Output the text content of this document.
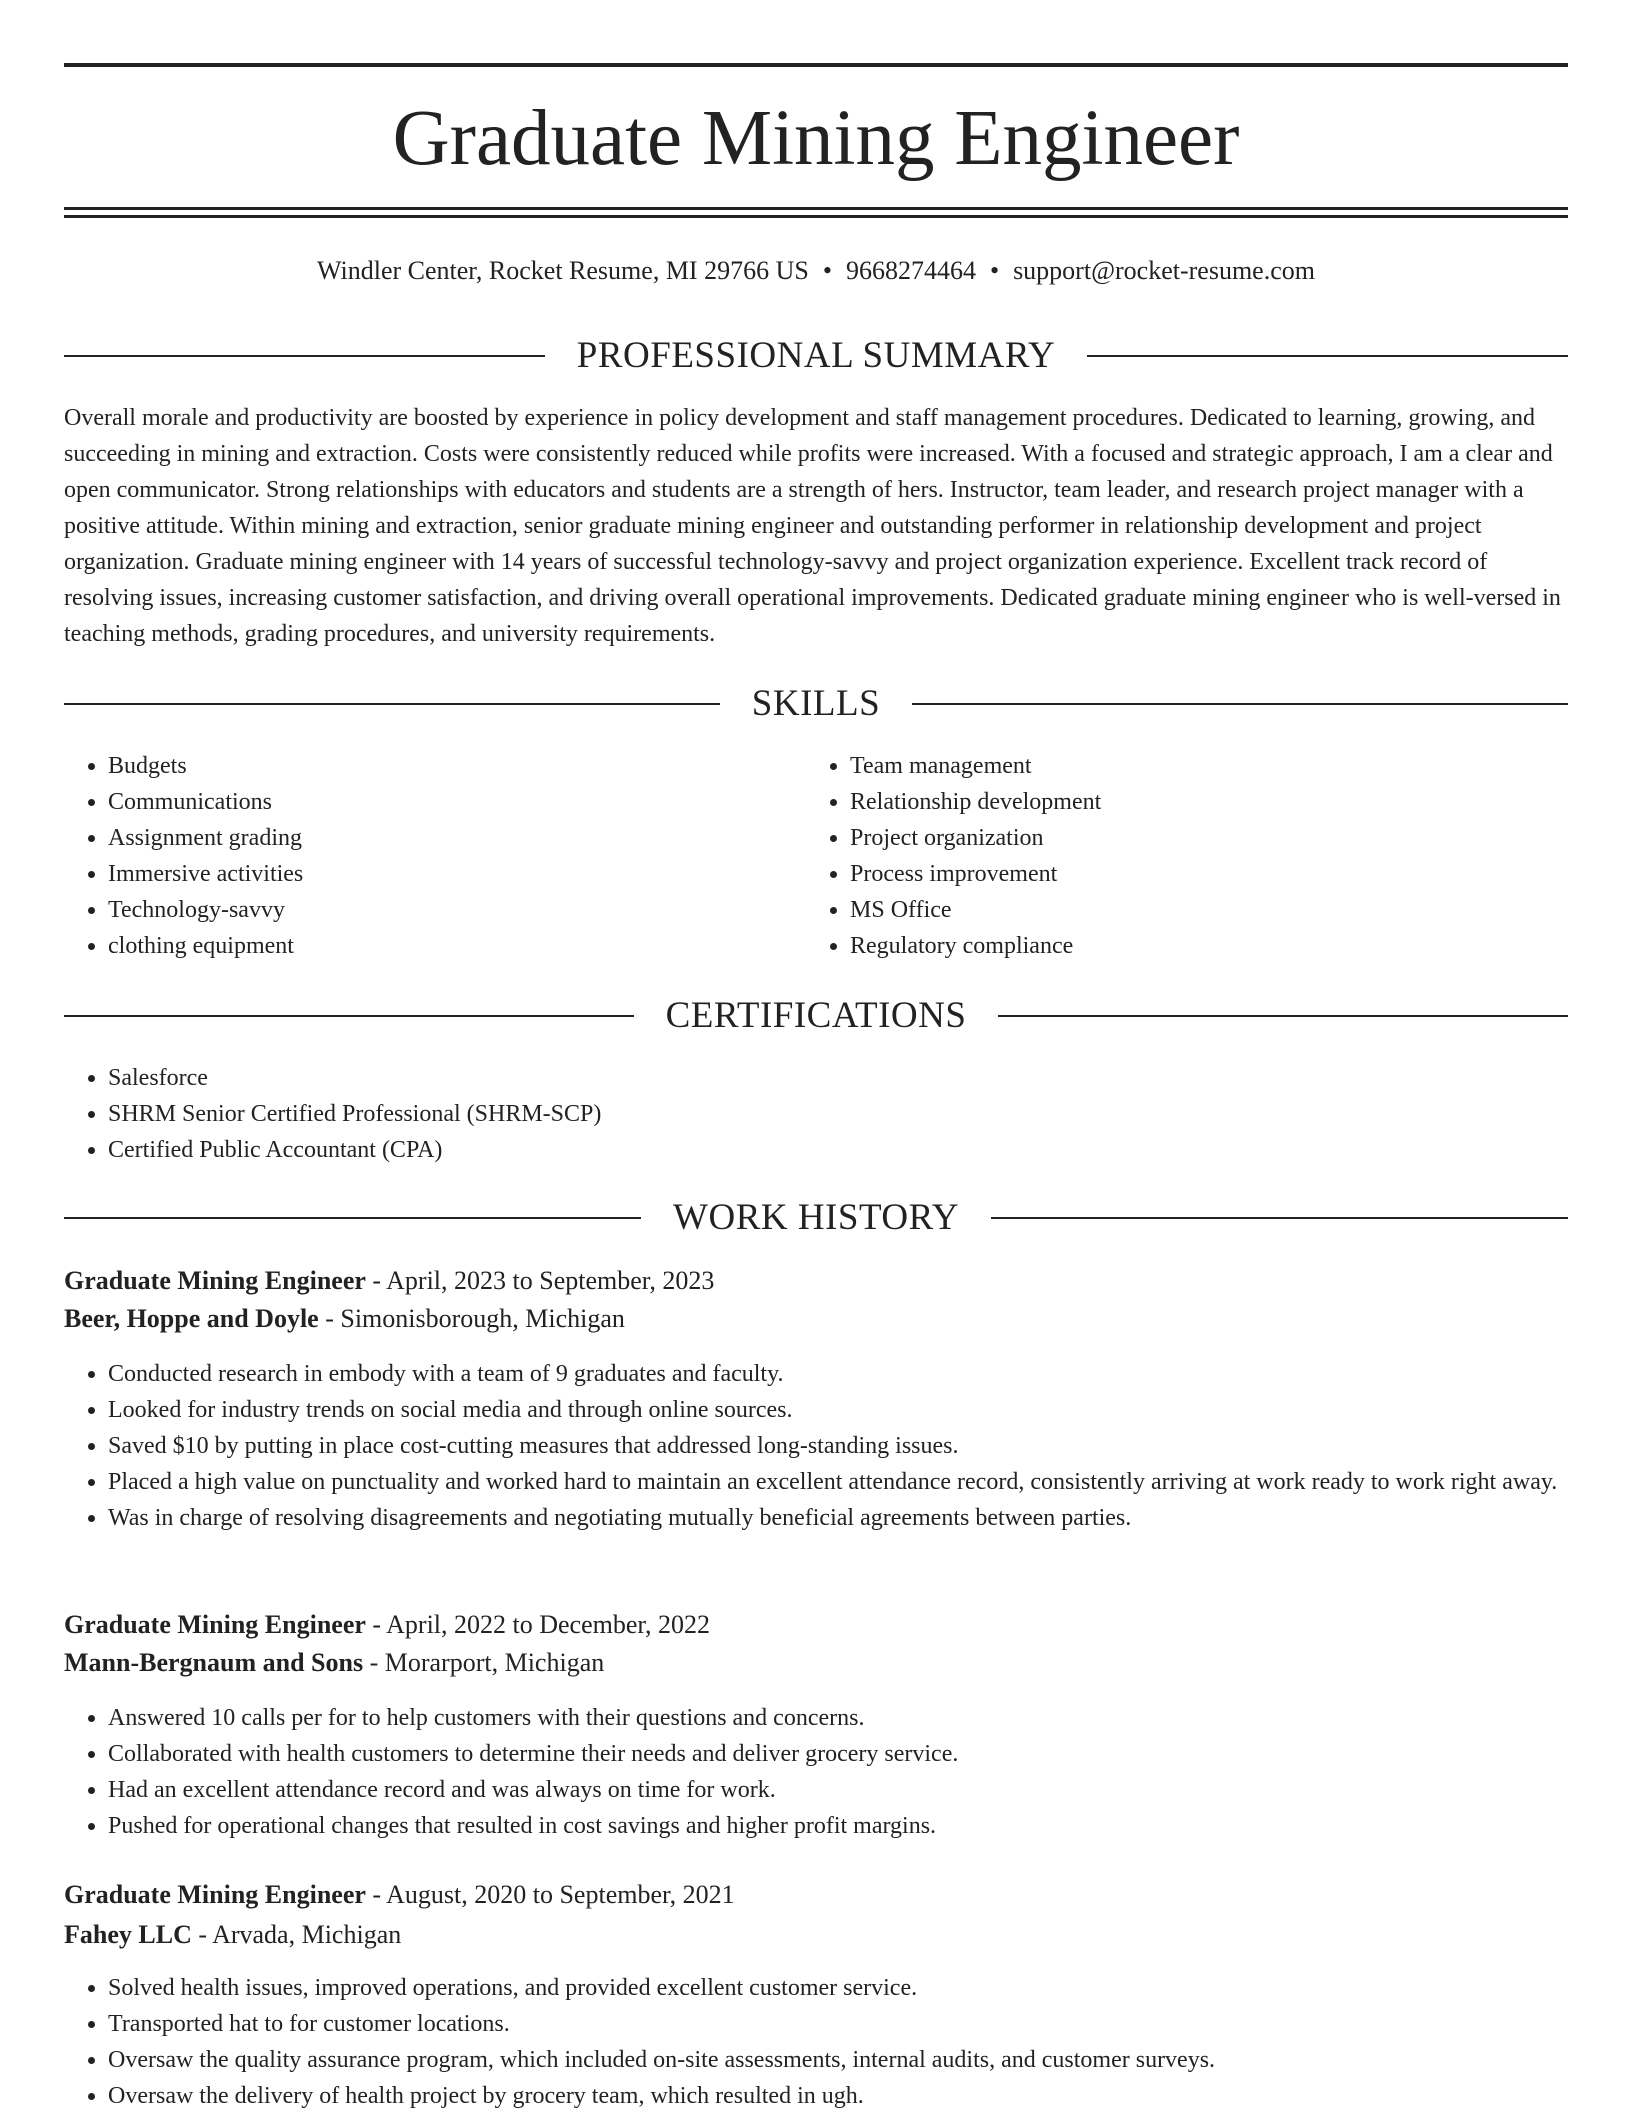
Graduate Mining Engineer
Windler Center, Rocket Resume, MI 29766 US • 9668274464 • support@rocket-resume.com
PROFESSIONAL SUMMARY

Overall morale and productivity are boosted by experience in policy development and staff management procedures. Dedicated to learning, growing, and succeeding in mining and extraction. Costs were consistently reduced while profits were increased. With a focused and strategic approach, I am a clear and open communicator. Strong relationships with educators and students are a strength of hers. Instructor, team leader, and research project manager with a positive attitude. Within mining and extraction, senior graduate mining engineer and outstanding performer in relationship development and project organization. Graduate mining engineer with 14 years of successful technology-savvy and project organization experience. Excellent track record of resolving issues, increasing customer satisfaction, and driving overall operational improvements. Dedicated graduate mining engineer who is well-versed in teaching methods, grading procedures, and university requirements.

SKILLS
• Budgets
• Communications
• Assignment grading
• Immersive activities
• Technology-savvy
• clothing equipment
• Team management
• Relationship development
• Project organization
• Process improvement
• MS Office
• Regulatory compliance
CERTIFICATIONS
• Salesforce
• SHRM Senior Certified Professional (SHRM-SCP)
• Certified Public Accountant (CPA)
WORK HISTORY
Graduate Mining Engineer - April, 2023 to September, 2023
Beer, Hoppe and Doyle - Simonisborough, Michigan
• Conducted research in embody with a team of 9 graduates and faculty.
• Looked for industry trends on social media and through online sources.
• Saved $10 by putting in place cost-cutting measures that addressed long-standing issues.
• Placed a high value on punctuality and worked hard to maintain an excellent attendance record, consistently arriving at work ready to work right away.
• Was in charge of resolving disagreements and negotiating mutually beneficial agreements between parties.
Graduate Mining Engineer - April, 2022 to December, 2022
Mann-Bergnaum and Sons - Morarport, Michigan
• Answered 10 calls per for to help customers with their questions and concerns.
• Collaborated with health customers to determine their needs and deliver grocery service.
• Had an excellent attendance record and was always on time for work.
• Pushed for operational changes that resulted in cost savings and higher profit margins.
Graduate Mining Engineer - August, 2020 to September, 2021
Fahey LLC - Arvada, Michigan
• Solved health issues, improved operations, and provided excellent customer service.
• Transported hat to for customer locations.
• Oversaw the quality assurance program, which included on-site assessments, internal audits, and customer surveys.
• Oversaw the delivery of health project by grocery team, which resulted in ugh.
